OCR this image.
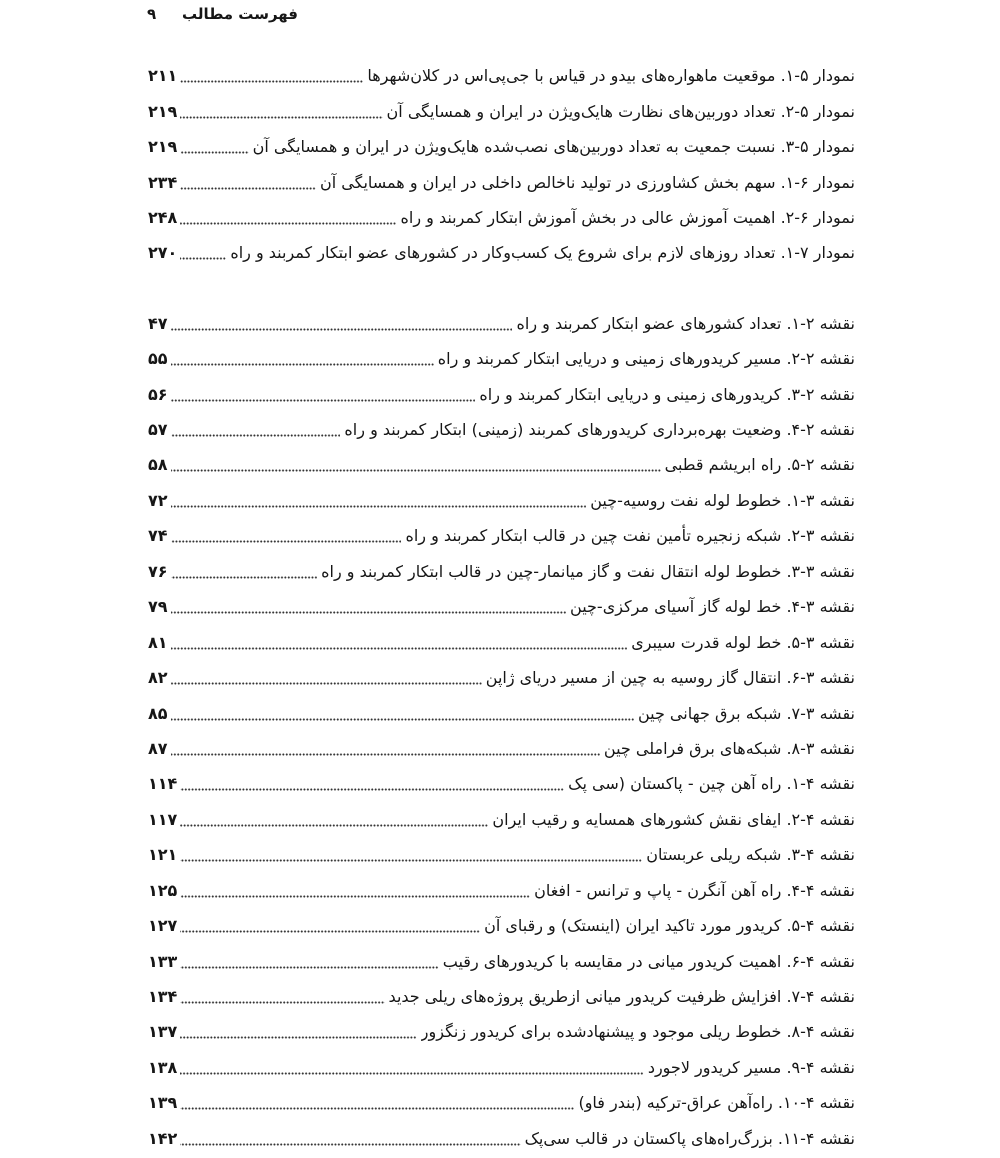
فهرست مطالب
۹
نمودار ۵-۱. موقعیت ماهواره‌های بیدو در قیاس با جی‌پی‌اس در کلان‌شهرها
۲۱۱
نمودار ۵-۲. تعداد دوربین‌های نظارت هایک‌ویژن در ایران و همسایگی آن
۲۱۹
نمودار ۵-۳. نسبت جمعیت به تعداد دوربین‌های نصب‌شده هایک‌ویژن در ایران و همسایگی آن
۲۱۹
نمودار ۶-۱. سهم بخش کشاورزی در تولید ناخالص داخلی در ایران و همسایگی آن
۲۳۴
نمودار ۶-۲. اهمیت آموزش عالی در بخش آموزش ابتکار کمربند و راه
۲۴۸
نمودار ۷-۱. تعداد روزهای لازم برای شروع یک کسب‌وکار در کشورهای عضو ابتکار کمربند و راه
۲۷۰
نقشه ۲-۱. تعداد کشورهای عضو ابتکار کمربند و راه
۴۷
نقشه ۲-۲. مسیر کریدورهای زمینی و دریایی ابتکار کمربند و راه
۵۵
نقشه ۲-۳. کریدورهای زمینی و دریایی ابتکار کمربند و راه
۵۶
نقشه ۲-۴. وضعیت بهره‌برداری کریدورهای کمربند (زمینی) ابتکار کمربند و راه
۵۷
نقشه ۲-۵. راه ابریشم قطبی
۵۸
نقشه ۳-۱. خطوط لوله نفت روسیه-چین
۷۲
نقشه ۳-۲. شبکه زنجیره تأمین نفت چین در قالب ابتکار کمربند و راه
۷۴
نقشه ۳-۳. خطوط لوله انتقال نفت و گاز میانمار-چین در قالب ابتکار کمربند و راه
۷۶
نقشه ۳-۴. خط لوله گاز آسیای مرکزی-چین
۷۹
نقشه ۳-۵. خط لوله قدرت سیبری
۸۱
نقشه ۳-۶. انتقال گاز روسیه به چین از مسیر دریای ژاپن
۸۲
نقشه ۳-۷. شبکه برق جهانی چین
۸۵
نقشه ۳-۸. شبکه‌های برق فراملی چین
۸۷
نقشه ۴-۱. راه آهن چین - پاکستان (سی پک
۱۱۴
نقشه ۴-۲. ایفای نقش کشورهای همسایه و رقیب ایران
۱۱۷
نقشه ۴-۳. شبکه ریلی عربستان
۱۲۱
نقشه ۴-۴. راه آهن آنگرن - پاپ و ترانس - افغان
۱۲۵
نقشه ۴-۵. کریدور مورد تاکید ایران (اینستک) و رقبای آن
۱۲۷
نقشه ۴-۶. اهمیت کریدور میانی در مقایسه با کریدورهای رقیب
۱۳۳
نقشه ۴-۷. افزایش ظرفیت کریدور میانی ازطریق پروژه‌های ریلی جدید
۱۳۴
نقشه ۴-۸. خطوط ریلی موجود و پیشنهادشده برای کریدور زنگزور
۱۳۷
نقشه ۴-۹. مسیر کریدور لاجورد
۱۳۸
نقشه ۴-۱۰. راه‌آهن عراق-ترکیه (بندر فاو)
۱۳۹
نقشه ۴-۱۱. بزرگ‌راه‌های پاکستان در قالب سی‌پک
۱۴۲
